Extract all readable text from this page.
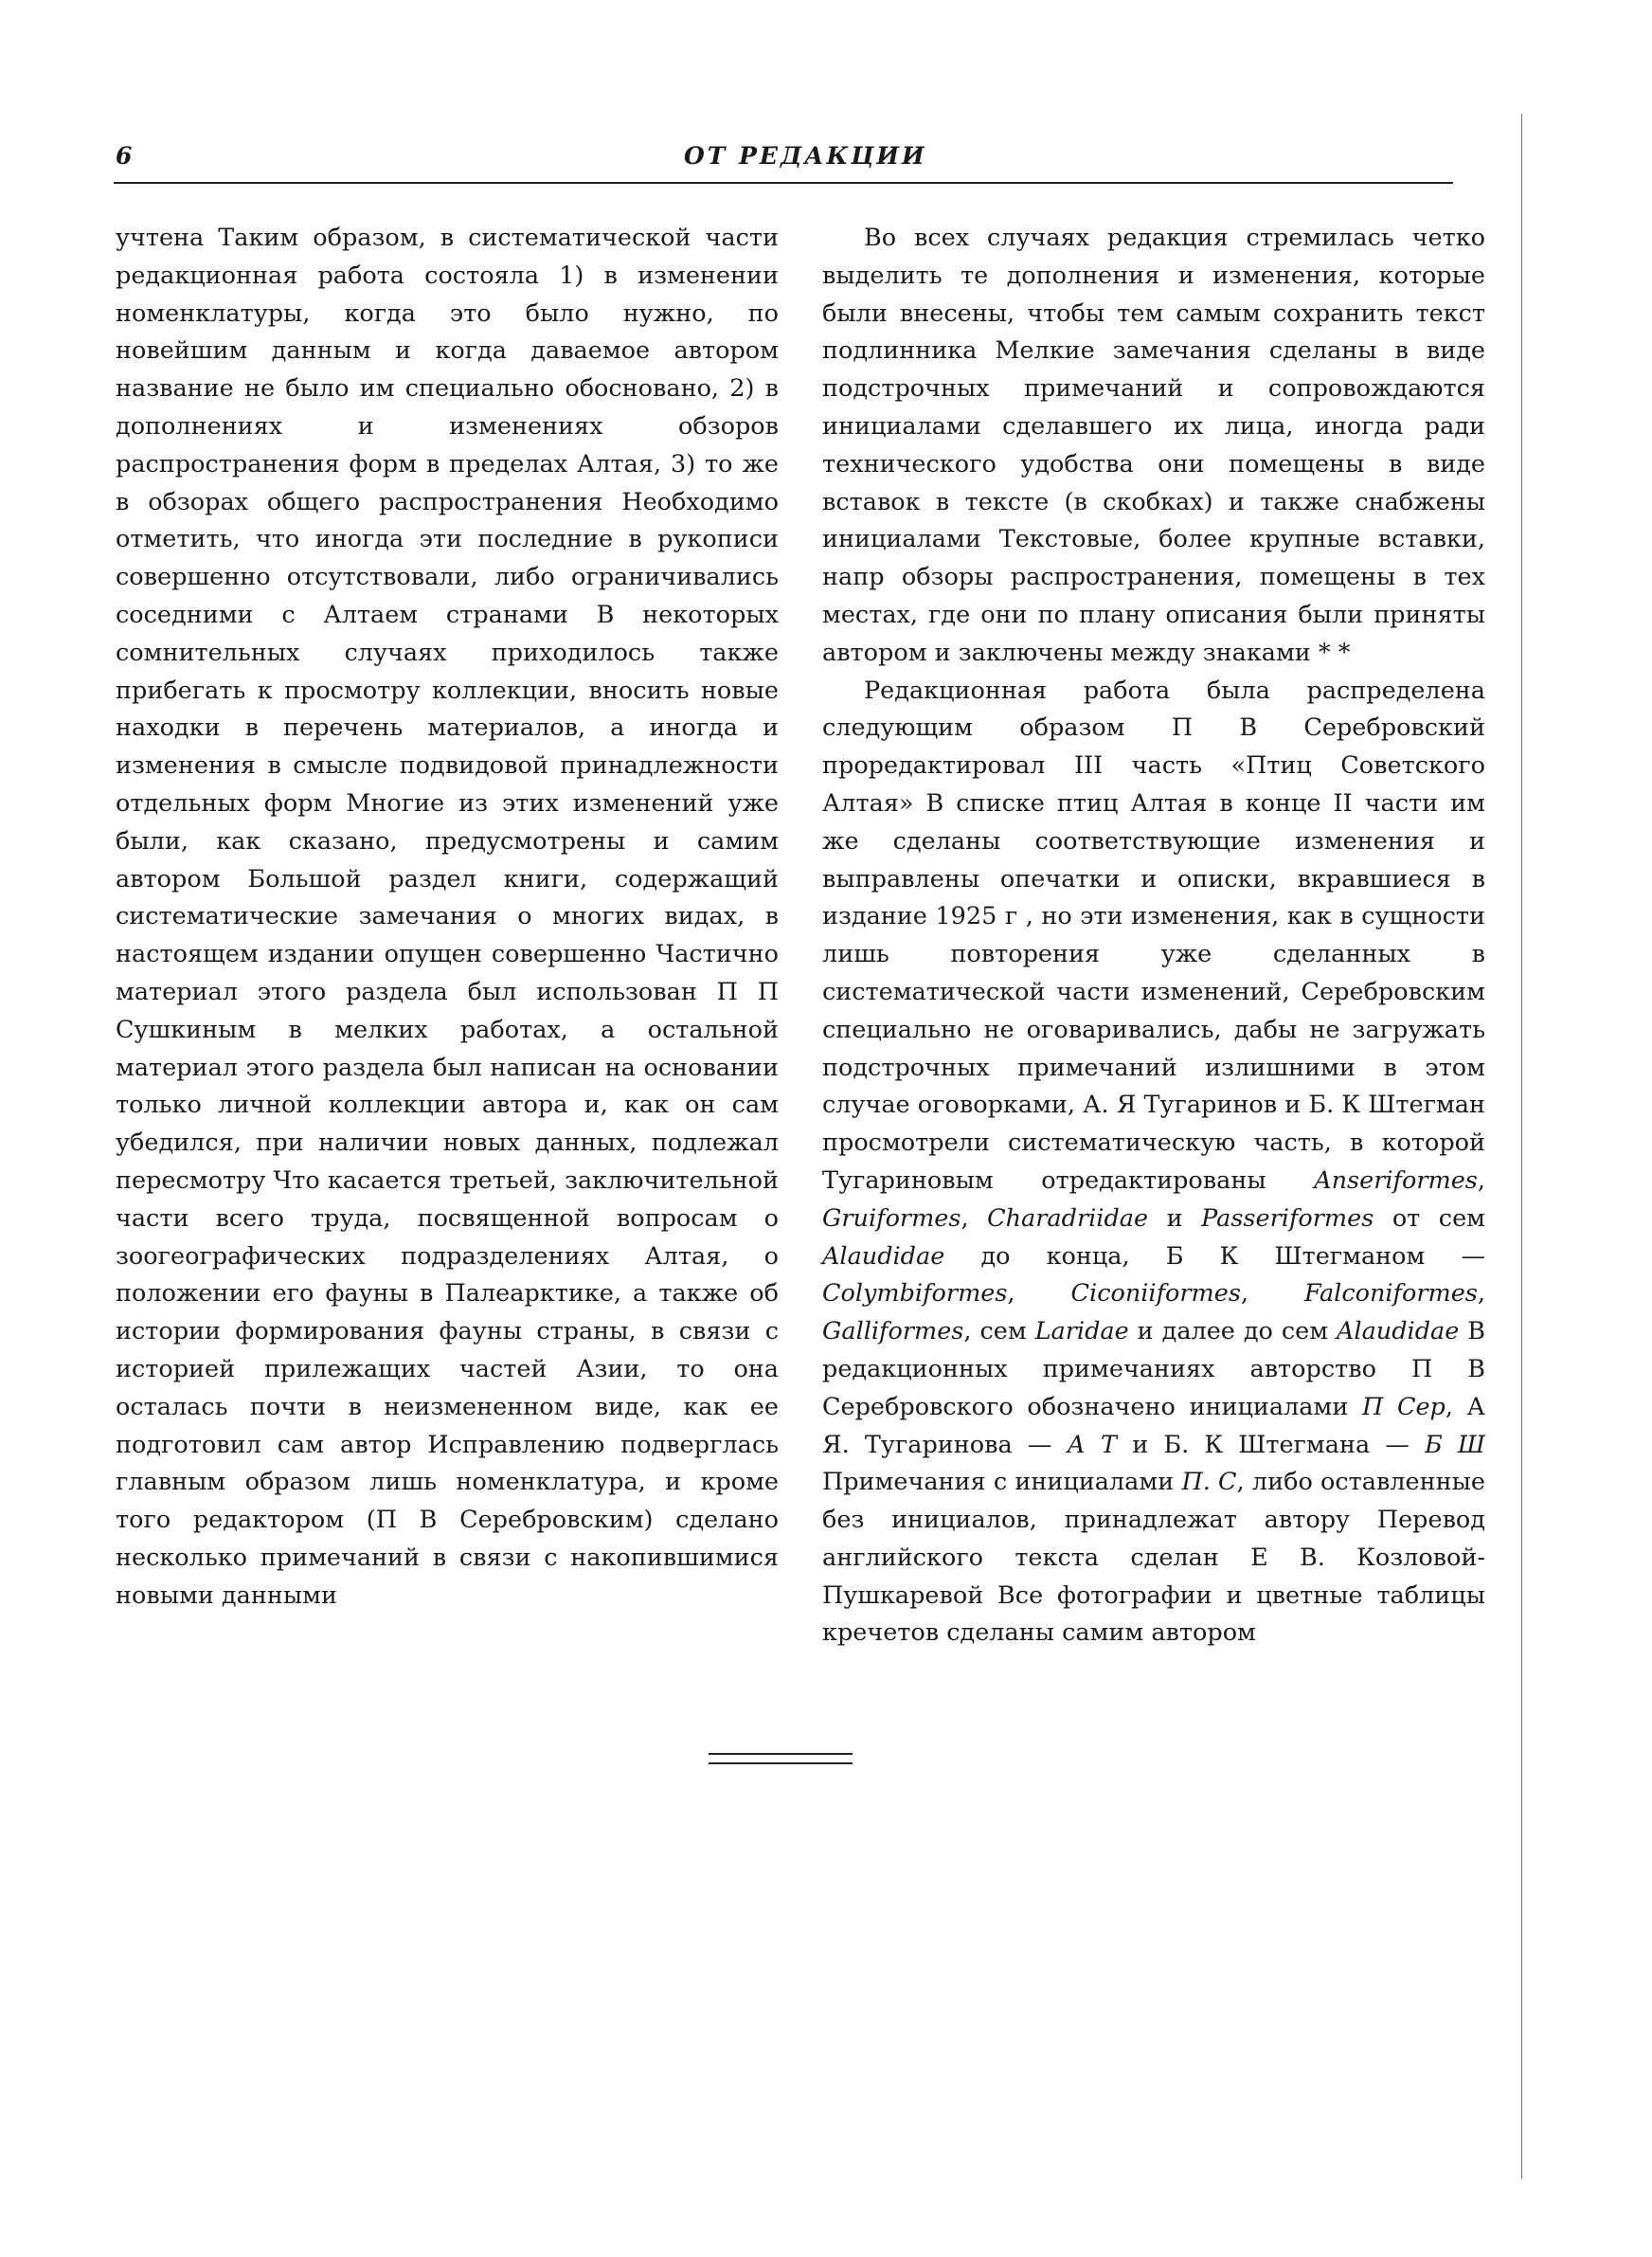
6	ОТ РЕДАКЦИИ

учтена Таким образом, в систематической части редакционная работа состояла 1) в изменении номенклатуры, когда это было нужно, по новейшим данным и когда даваемое автором название не было им специально обосновано, 2) в дополнениях и изменениях обзоров распространения форм в пределах Алтая, 3) то же в обзорах общего распространения Необходимо отметить, что иногда эти последние в рукописи совершенно отсутствовали, либо ограничивались соседними с Алтаем странами В некоторых сомнительных случаях приходилось также прибегать к просмотру коллекции, вносить новые находки в перечень материалов, а иногда и изменения в смысле подвидовой принадлежности отдельных форм Многие из этих изменений уже были, как сказано, предусмотрены и самим автором Большой раздел книги, содержащий систематические замечания о многих видах, в настоящем издании опущен совершенно Частично материал этого раздела был использован П П Сушкиным в мелких работах, а остальной материал этого раздела был написан на основании только личной коллекции автора и, как он сам убедился, при наличии новых данных, подлежал пересмотру Что касается третьей, заключительной части всего труда, посвященной вопросам о зоогеографических подразделениях Алтая, о положении его фауны в Палеарктике, а также об истории формирования фауны страны, в связи с историей прилежащих частей Азии, то она осталась почти в неизмененном виде, как ее подготовил сам автор Исправлению подверглась главным образом лишь номенклатура, и кроме того редактором (П В Серебровским) сделано несколько примечаний в связи с накопившимися новыми данными

Во всех случаях редакция стремилась четко выделить те дополнения и изменения, которые были внесены, чтобы тем самым сохранить текст подлинника Мелкие замечания сделаны в виде подстрочных примечаний и сопровождаются инициалами сделавшего их лица, иногда ради технического удобства они помещены в виде вставок в тексте (в скобках) и также снабжены инициалами Текстовые, более крупные вставки, напр обзоры распространения, помещены в тех местах, где они по плану описания были приняты автором и заключены между знаками * *

Редакционная работа была распределена следующим образом П В Серебровский проредактировал III часть «Птиц Советского Алтая» В списке птиц Алтая в конце II части им же сделаны соответствующие изменения и выправлены опечатки и описки, вкравшиеся в издание 1925 г , но эти изменения, как в сущности лишь повторения уже сделанных в систематической части изменений, Серебровским специально не оговаривались, дабы не загружать подстрочных примечаний излишними в этом случае оговорками, А. Я Тугаринов и Б. К Штегман просмотрели систематическую часть, в которой Тугариновым отредактированы Anseriformes, Gruiformes, Charadriidae и Passeriformes от сем Alaudidae до конца, Б К Штегманом — Colymbiformes, Ciconiiformes, Falconiformes, Galliformes, сем Laridae и далее до сем Alaudidae В редакционных примечаниях авторство П В Серебровского обозначено инициалами П Сер, А Я. Тугаринова — А Т и Б. К Штегмана — Б Ш Примечания с инициалами П. С, либо оставленные без инициалов, принадлежат автору Перевод английского текста сделан Е В. Козловой-Пушкаревой Все фотографии и цветные таблицы кречетов сделаны самим автором
